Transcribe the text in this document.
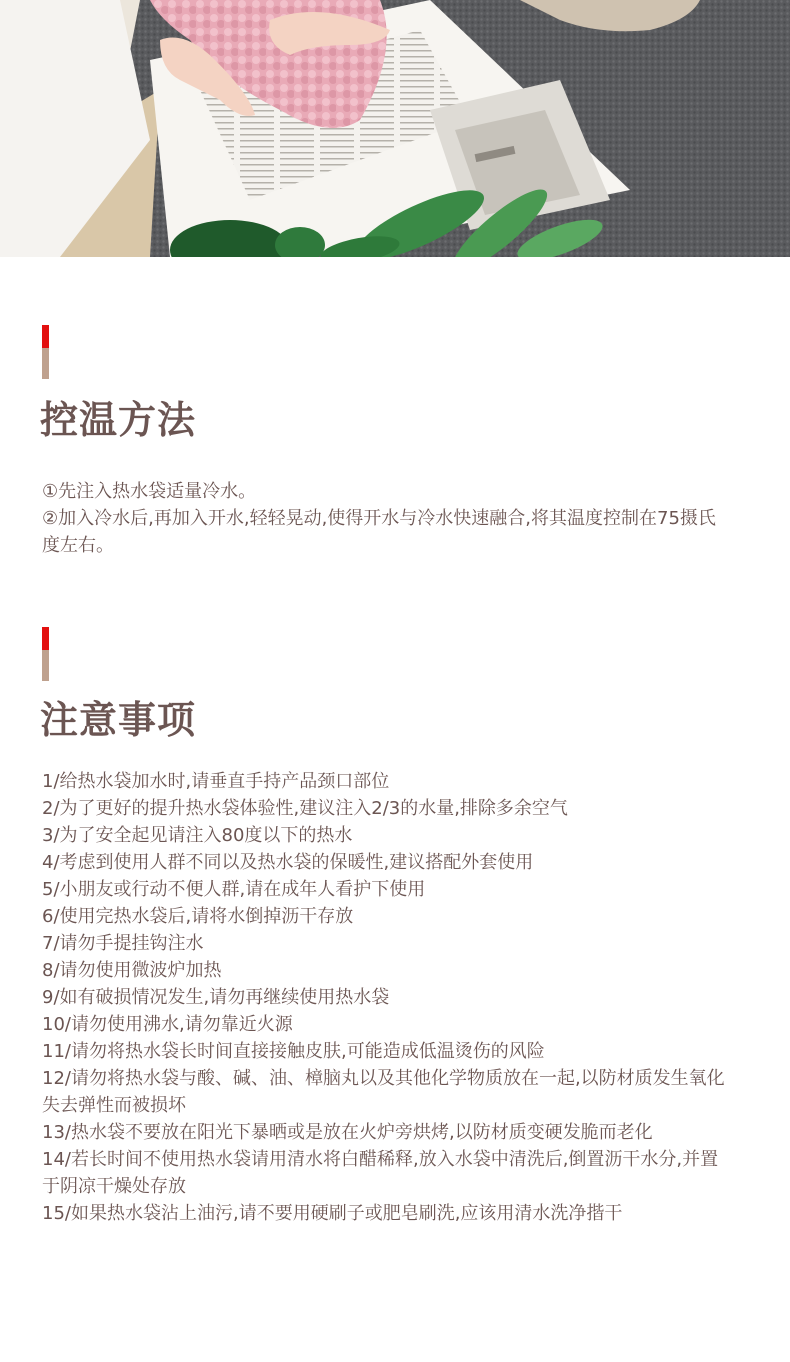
控温方法

①先注入热水袋适量冷水。

②加入冷水后,再加入开水,轻轻晃动,使得开水与冷水快速融合,将其温度控制在75摄氏度左右。

注意事项

1/给热水袋加水时,请垂直手持产品颈口部位

2/为了更好的提升热水袋体验性,建议注入2/3的水量,排除多余空气

3/为了安全起见请注入80度以下的热水

4/考虑到使用人群不同以及热水袋的保暖性,建议搭配外套使用

5/小朋友或行动不便人群,请在成年人看护下使用

6/使用完热水袋后,请将水倒掉沥干存放

7/请勿手提挂钩注水

8/请勿使用微波炉加热

9/如有破损情况发生,请勿再继续使用热水袋

10/请勿使用沸水,请勿靠近火源

11/请勿将热水袋长时间直接接触皮肤,可能造成低温烫伤的风险

12/请勿将热水袋与酸、碱、油、樟脑丸以及其他化学物质放在一起,以防材质发生氧化失去弹性而被损坏

13/热水袋不要放在阳光下暴晒或是放在火炉旁烘烤,以防材质变硬发脆而老化

14/若长时间不使用热水袋请用清水将白醋稀释,放入水袋中清洗后,倒置沥干水分,并置于阴凉干燥处存放

15/如果热水袋沾上油污,请不要用硬刷子或肥皂刷洗,应该用清水洗净揩干
